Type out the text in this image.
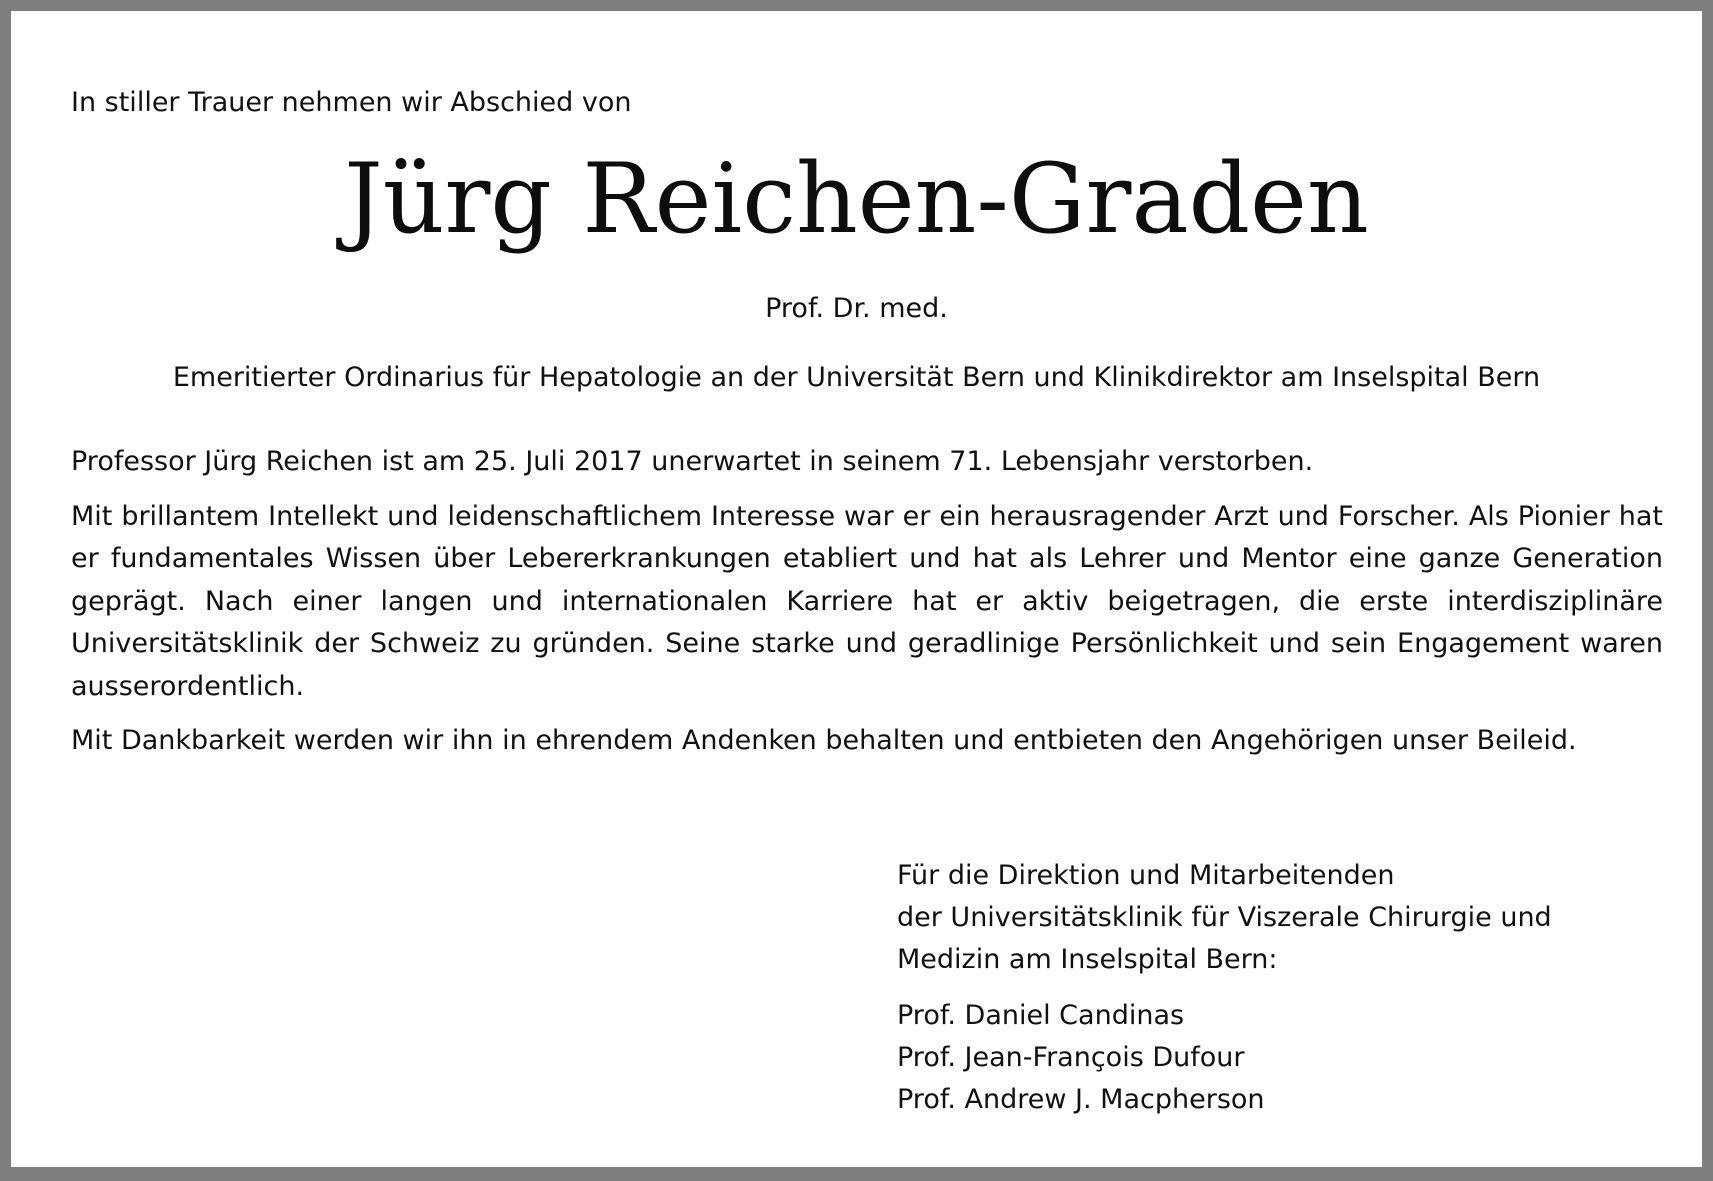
In stiller Trauer nehmen wir Abschied von
Jürg Reichen-Graden
Prof. Dr. med.
Emeritierter Ordinarius für Hepatologie an der Universität Bern und Klinikdirektor am Inselspital Bern

Professor Jürg Reichen ist am 25. Juli 2017 unerwartet in seinem 71. Lebensjahr verstorben.

Mit brillantem Intellekt und leidenschaftlichem Interesse war er ein herausragender Arzt und Forscher. Als Pionier hat er fundamentales Wissen über Lebererkrankungen etabliert und hat als Lehrer und Mentor eine ganze Generation geprägt. Nach einer langen und internationalen Karriere hat er aktiv beigetragen, die erste interdisziplinäre Universitätsklinik der Schweiz zu gründen. Seine starke und geradlinige Persönlichkeit und sein Engagement waren ausserordentlich.

Mit Dankbarkeit werden wir ihn in ehrendem Andenken behalten und entbieten den Angehörigen unser Beileid.

Für die Direktion und Mitarbeitenden
der Universitätsklinik für Viszerale Chirurgie und
Medizin am Inselspital Bern:
Prof. Daniel Candinas
Prof. Jean-François Dufour
Prof. Andrew J. Macpherson
